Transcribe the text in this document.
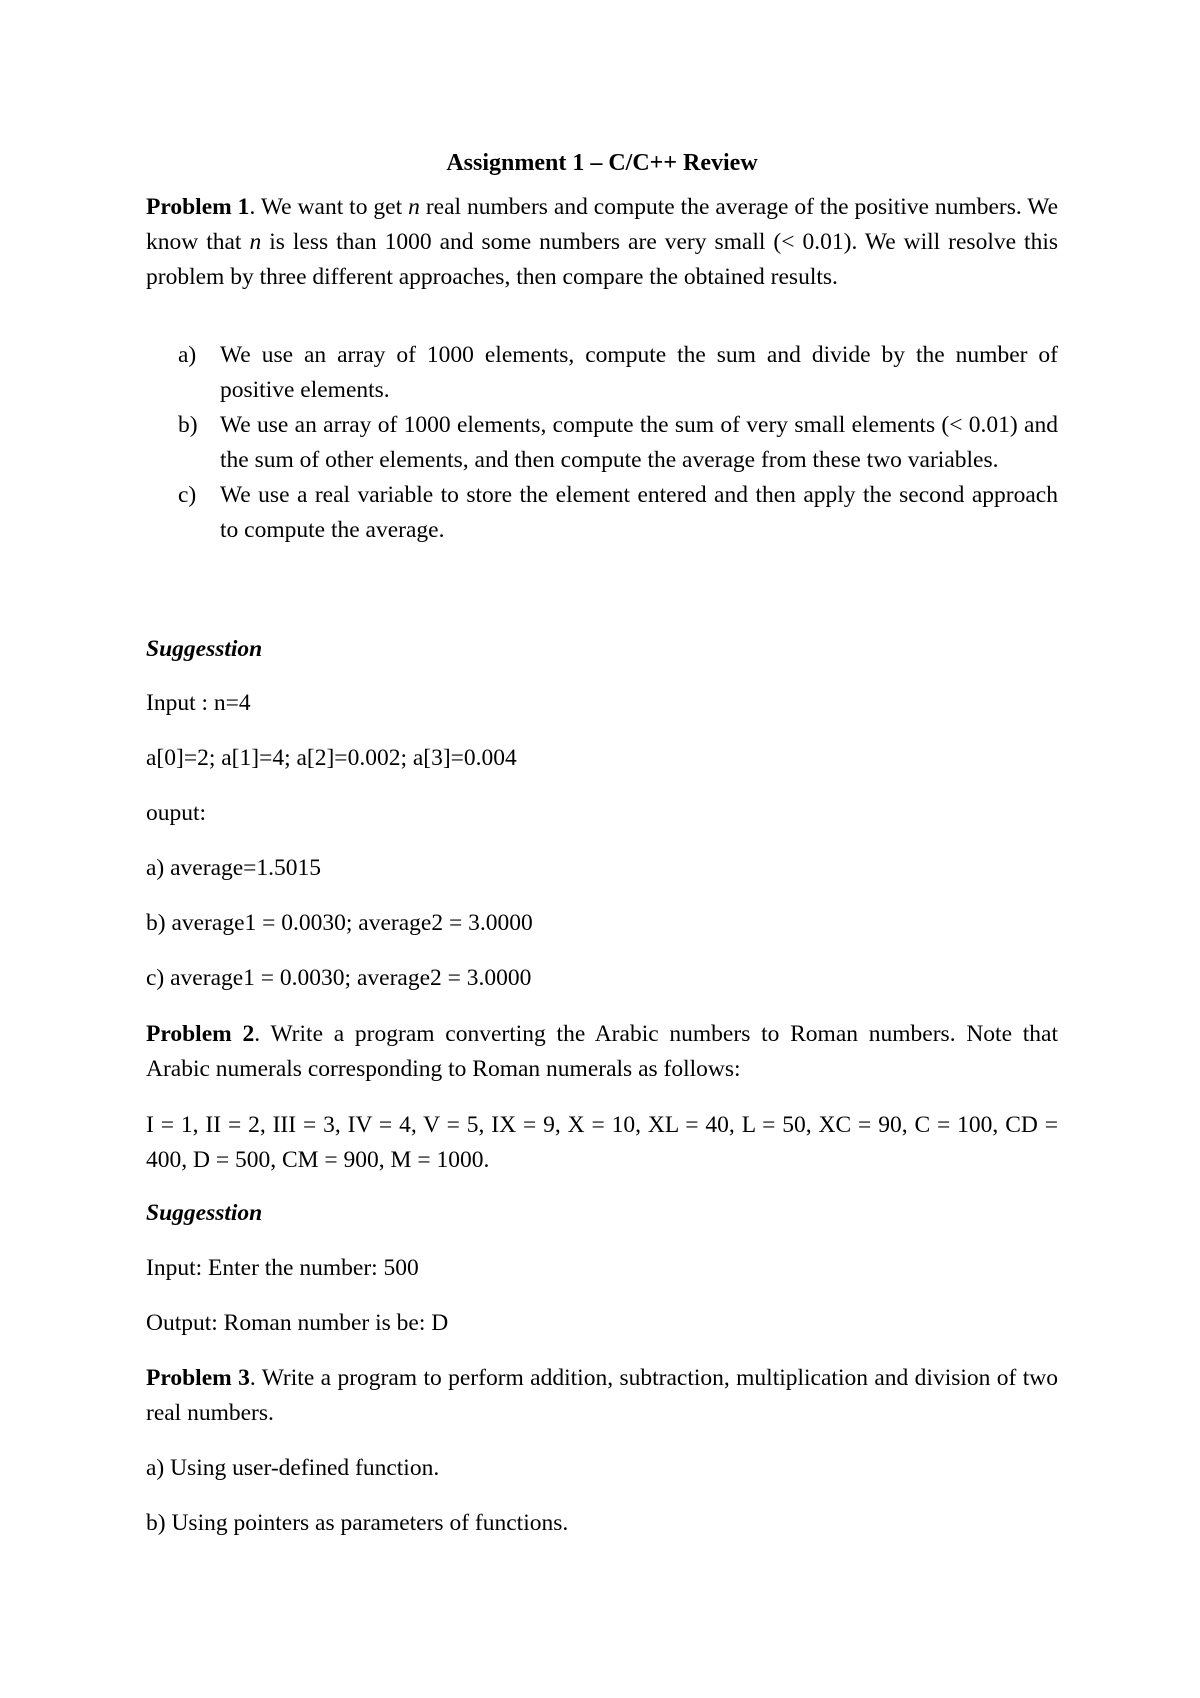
Assignment 1 – C/C++ Review

Problem 1. We want to get n real numbers and compute the average of the positive numbers. We know that n is less than 1000 and some numbers are very small (< 0.01). We will resolve this problem by three different approaches, then compare the obtained results.

a) We use an array of 1000 elements, compute the sum and divide by the number of positive elements.
b) We use an array of 1000 elements, compute the sum of very small elements (< 0.01) and the sum of other elements, and then compute the average from these two variables.
c) We use a real variable to store the element entered and then apply the second approach to compute the average.
Suggesstion
Input : n=4
a[0]=2; a[1]=4; a[2]=0.002; a[3]=0.004
ouput:
a) average=1.5015
b) average1 = 0.0030; average2 = 3.0000
c) average1 = 0.0030; average2 = 3.0000

Problem 2. Write a program converting the Arabic numbers to Roman numbers. Note that Arabic numerals corresponding to Roman numerals as follows:

I = 1, II = 2, III = 3, IV = 4, V = 5, IX = 9, X = 10, XL = 40, L = 50, XC = 90, C = 100, CD = 400, D = 500, CM = 900, M = 1000.
Suggesstion
Input: Enter the number: 500
Output: Roman number is be: D

Problem 3. Write a program to perform addition, subtraction, multiplication and division of two real numbers.

a) Using user-defined function.
b) Using pointers as parameters of functions.
